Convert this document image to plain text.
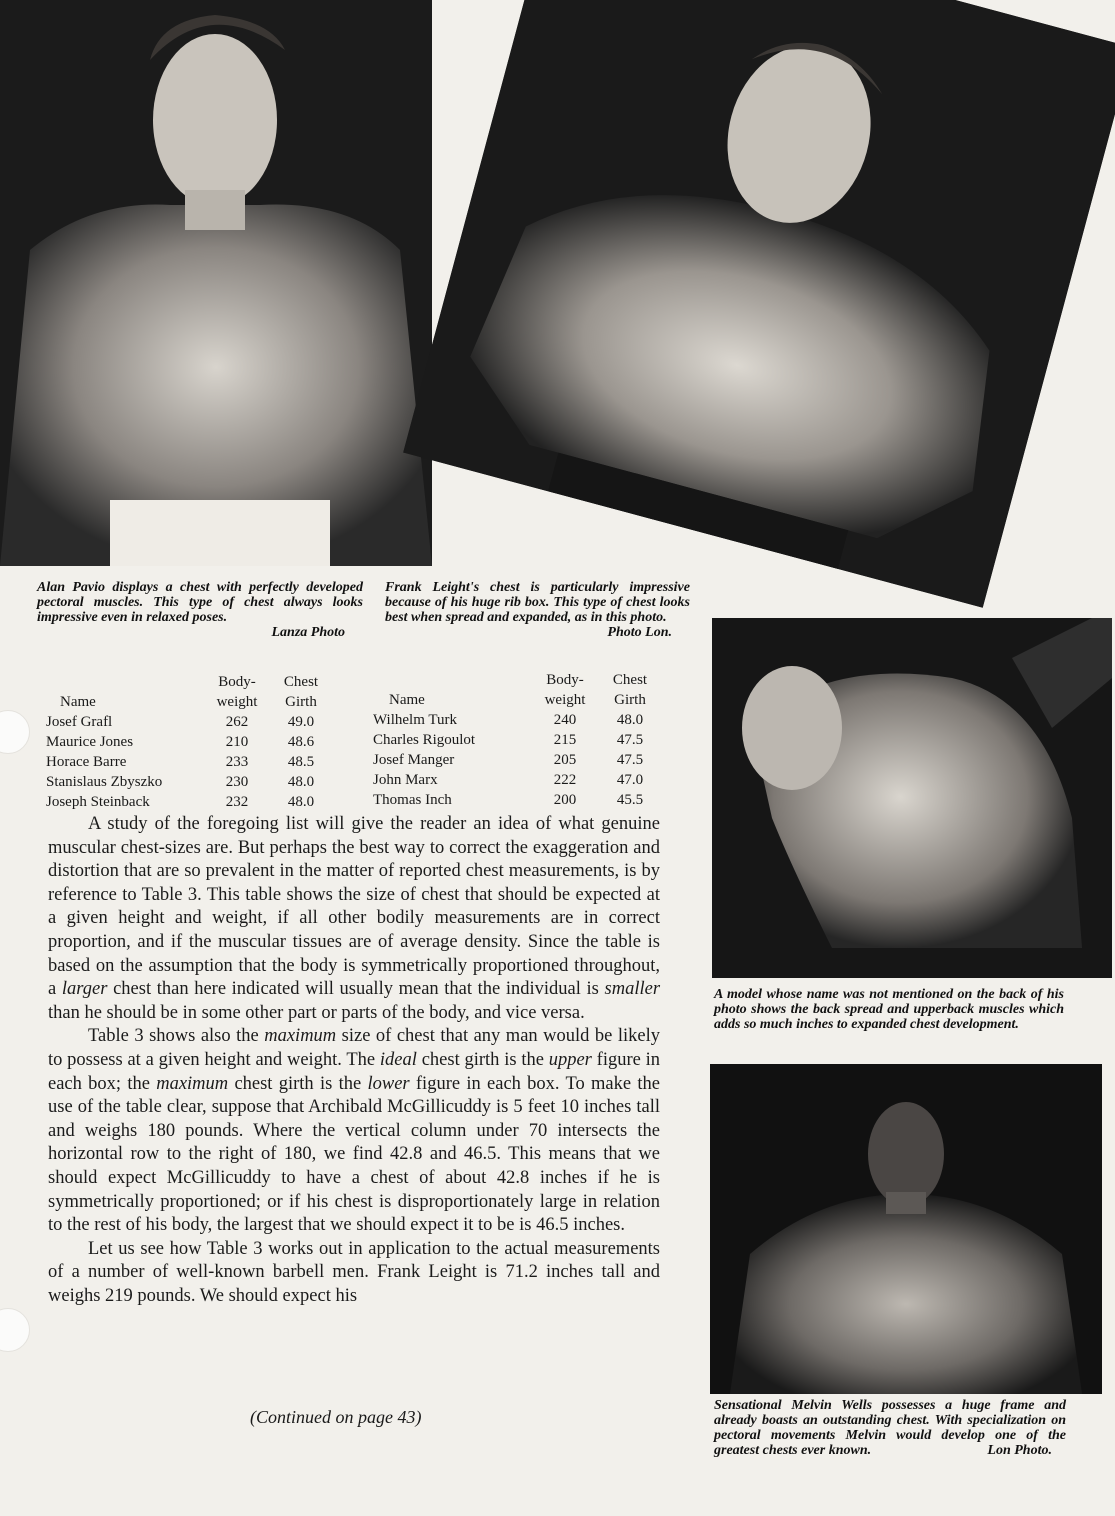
Alan Pavio displays a chest with perfectly developed pectoral muscles. This type of chest always looks impressive even in relaxed poses.
Lanza Photo
Frank Leight's chest is particularly impressive because of his huge rib box. This type of chest looks best when spread and expanded, as in this photo.
Photo Lon.
A model whose name was not mentioned on the back of his photo shows the back spread and upperback muscles which adds so much inches to expanded chest development.
Sensational Melvin Wells possesses a huge frame and already boasts an outstanding chest. With specialization on pectoral movements Melvin would develop one of the greatest chests ever known.	Lon Photo.
	Body-	Chest
Name	weight	Girth
Josef Grafl	262	49.0
Maurice Jones	210	48.6
Horace Barre	233	48.5
Stanislaus Zbyszko	230	48.0
Joseph Steinback	232	48.0
	Body-	Chest
Name	weight	Girth
Wilhelm Turk	240	48.0
Charles Rigoulot	215	47.5
Josef Manger	205	47.5
John Marx	222	47.0
Thomas Inch	200	45.5

A study of the foregoing list will give the reader an idea of what genuine muscular chest-sizes are. But perhaps the best way to correct the exaggeration and distortion that are so prevalent in the matter of reported chest measurements, is by reference to Table 3. This table shows the size of chest that should be expected at a given height and weight, if all other bodily measurements are in correct proportion, and if the muscular tissues are of average density. Since the table is based on the assumption that the body is symmetrically proportioned throughout, a larger chest than here indicated will usually mean that the individual is smaller than he should be in some other part or parts of the body, and vice versa.

Table 3 shows also the maximum size of chest that any man would be likely to possess at a given height and weight. The ideal chest girth is the upper figure in each box; the maximum chest girth is the lower figure in each box. To make the use of the table clear, suppose that Archibald McGillicuddy is 5 feet 10 inches tall and weighs 180 pounds. Where the vertical column under 70 intersects the horizontal row to the right of 180, we find 42.8 and 46.5. This means that we should expect McGillicuddy to have a chest of about 42.8 inches if he is symmetrically proportioned; or if his chest is disproportionately large in relation to the rest of his body, the largest that we should expect it to be is 46.5 inches.

Let us see how Table 3 works out in application to the actual measurements of a number of well-known barbell men. Frank Leight is 71.2 inches tall and weighs 219 pounds. We should expect his

(Continued on page 43)
